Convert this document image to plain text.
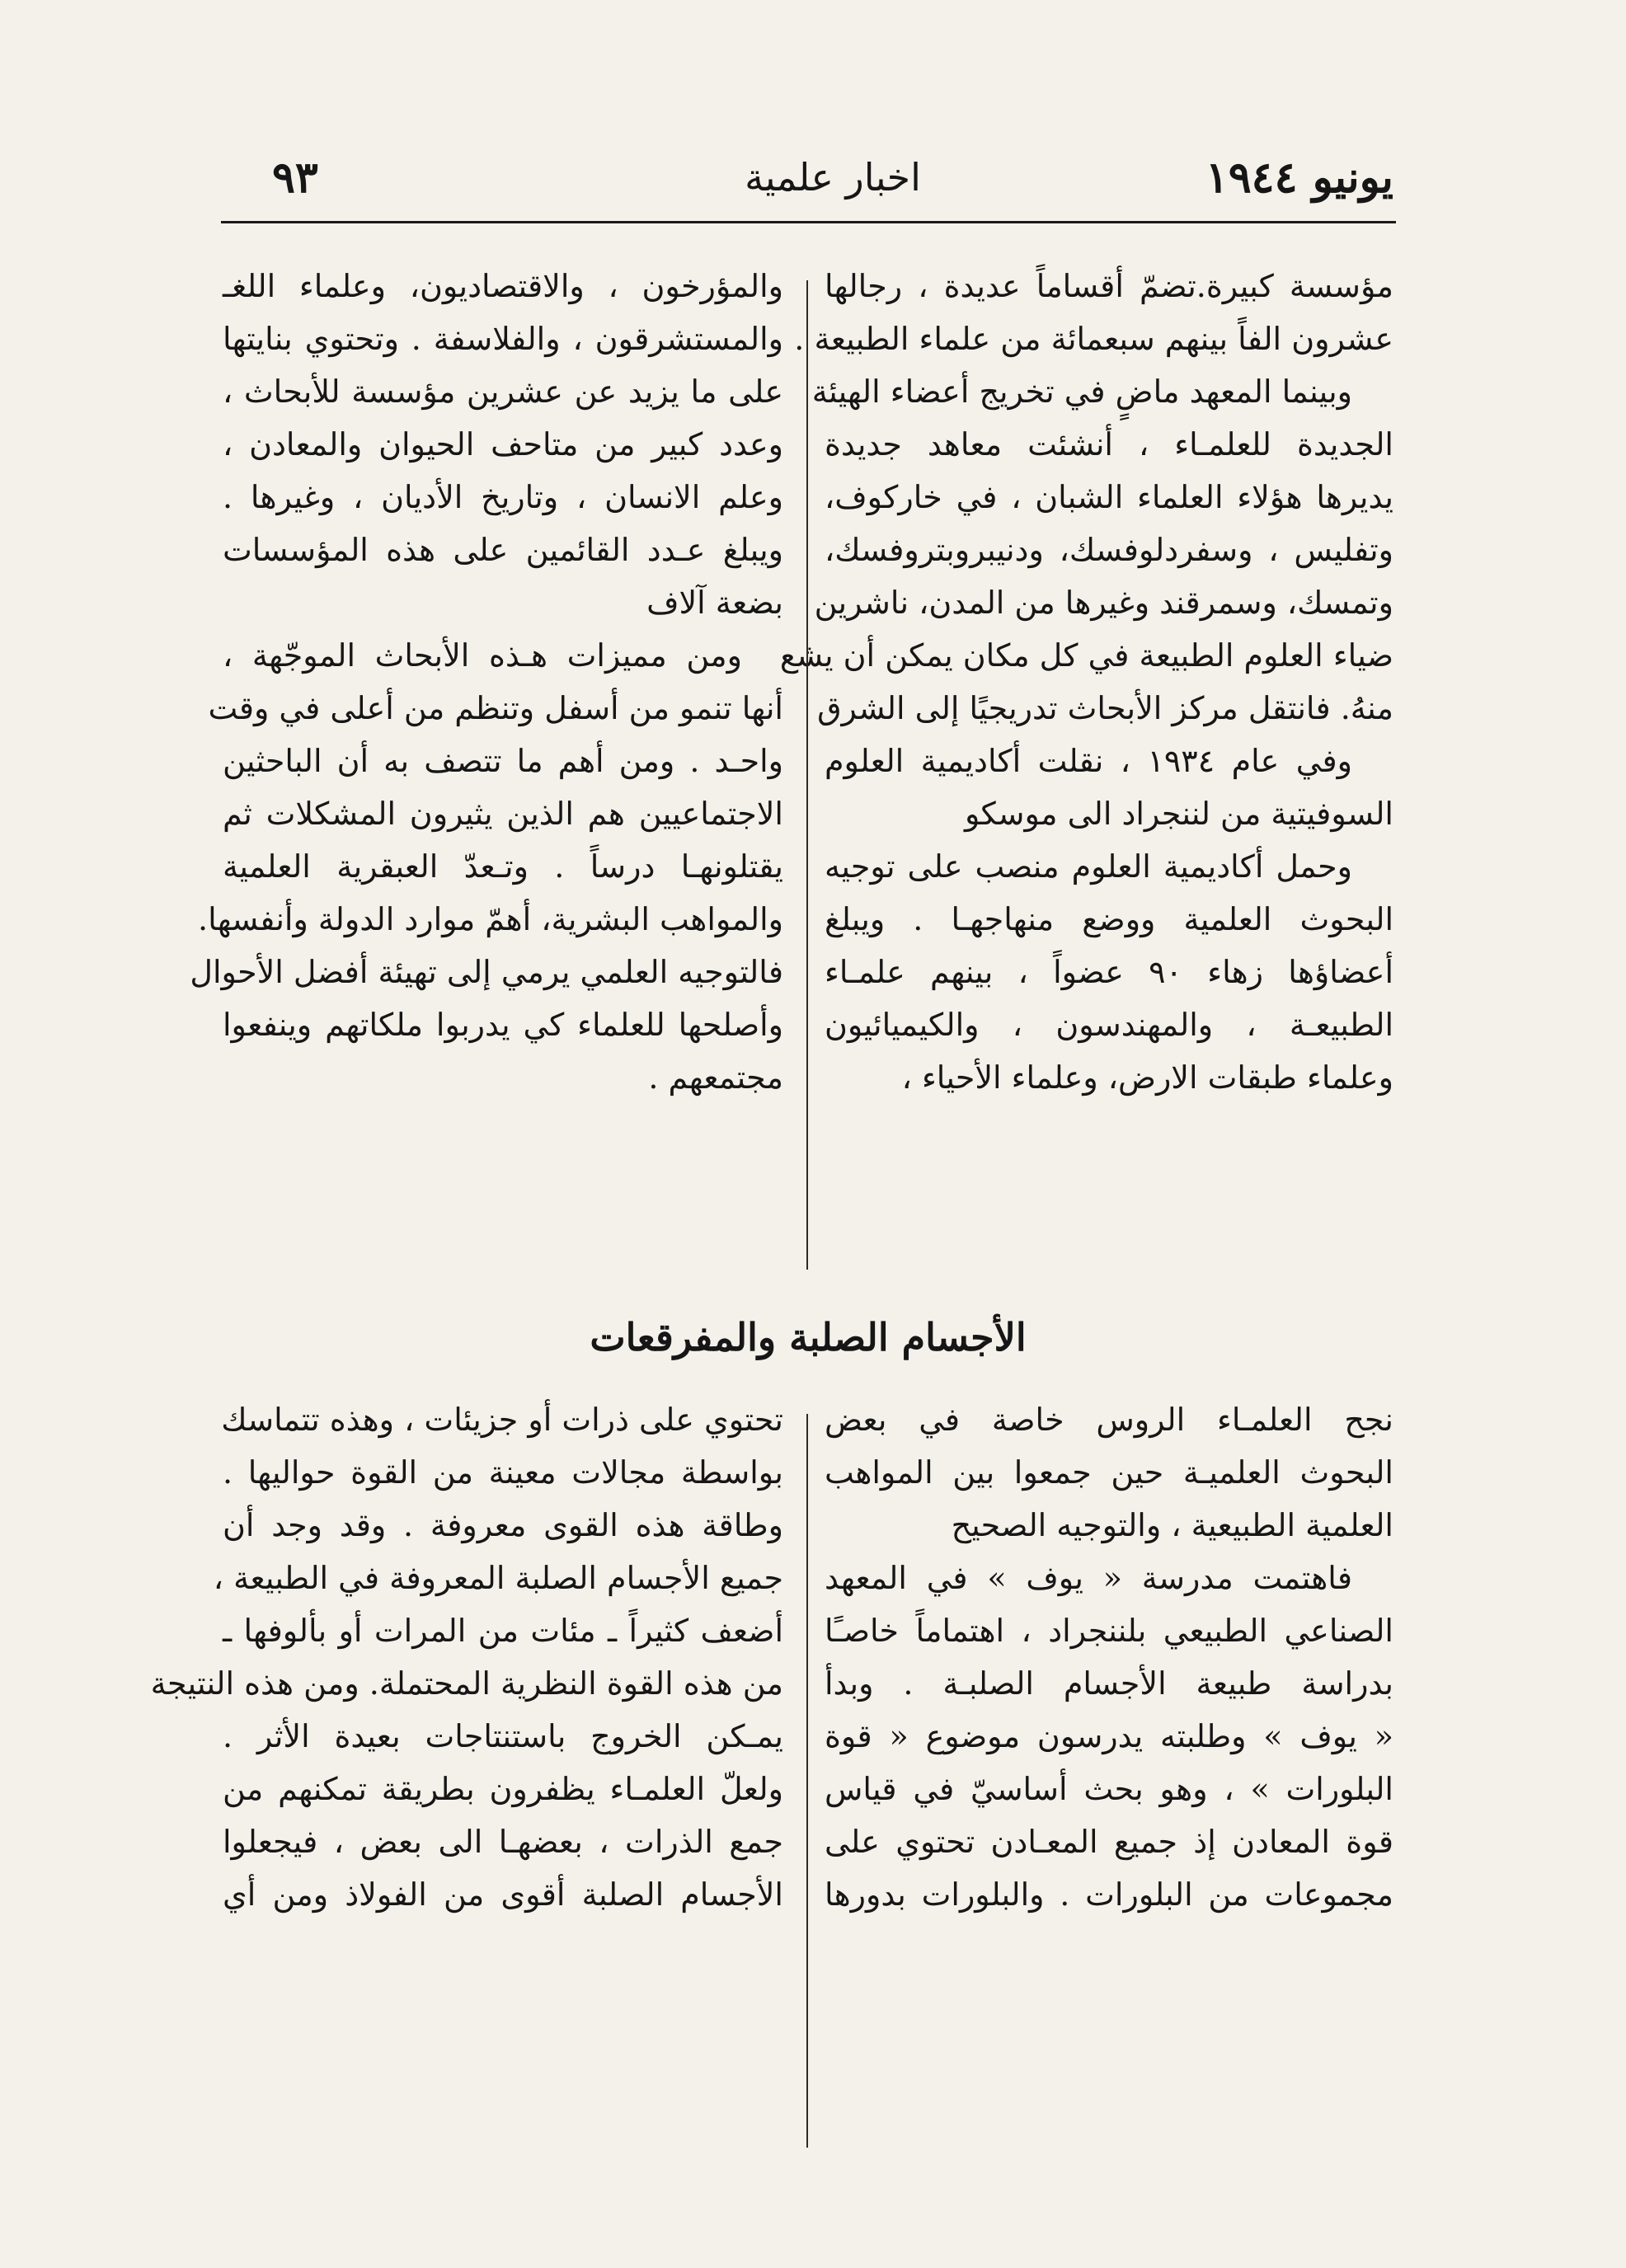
يونيو ١٩٤٤
اخبار علمية
٩٣
مؤسسة كبيرة.تضمّ أقساماً عديدة ، رجالها
عشرون الفاً بينهم سبعمائة من علماء الطبيعة .
وبينما المعهد ماضٍ في تخريج أعضاء الهيئة
الجديدة للعلمـاء ، أنشئت معاهد جديدة
يديرها هؤلاء العلماء الشبان ، في خاركوف،
وتفليس ، وسفردلوفسك، ودنيبروبتروفسك،
وتمسك، وسمرقند وغيرها من المدن، ناشرين
ضياء العلوم الطبيعة في كل مكان يمكن أن يشع
منهُ. فانتقل مركز الأبحاث تدريجيًا إلى الشرق
وفي عام ١٩٣٤ ، نقلت أكاديمية العلوم
السوفيتية من لننجراد الى موسكو
وحمل أكاديمية العلوم منصب على توجيه
البحوث العلمية ووضع منهاجهـا . ويبلغ
أعضاؤها زهاء ٩٠ عضواً ، بينهم علمـاء
الطبيعـة ، والمهندسون ، والكيميائيون
وعلماء طبقات الارض، وعلماء الأحياء ،
والمؤرخون ، والاقتصاديون، وعلماء اللغـ
والمستشرقون ، والفلاسفة . وتحتوي بنايتها
على ما يزيد عن عشرين مؤسسة للأبحاث ،
وعدد كبير من متاحف الحيوان والمعادن ،
وعلم الانسان ، وتاريخ الأديان ، وغيرها .
ويبلغ عـدد القائمين على هذه المؤسسات
بضعة آلاف
ومن مميزات هـذه الأبحاث الموجّهة ،
أنها تنمو من أسفل وتنظم من أعلى في وقت
واحـد . ومن أهم ما تتصف به أن الباحثين
الاجتماعيين هم الذين يثيرون المشكلات ثم
يقتلونهـا درساً . وتـعدّ العبقرية العلمية
والمواهب البشرية، أهمّ موارد الدولة وأنفسها.
فالتوجيه العلمي يرمي إلى تهيئة أفضل الأحوال
وأصلحها للعلماء كي يدربوا ملكاتهم وينفعوا
مجتمعهم .
الأجسام الصلبة والمفرقعات
نجح العلمـاء الروس خاصة في بعض
البحوث العلميـة حين جمعوا بين المواهب
العلمية الطبيعية ، والتوجيه الصحيح
فاهتمت مدرسة « يوف » في المعهد
الصناعي الطبيعي بلننجراد ، اهتماماً خاصـًا
بدراسة طبيعة الأجسام الصلبـة . وبدأ
« يوف » وطلبته يدرسون موضوع « قوة
البلورات » ، وهو بحث أساسيّ في قياس
قوة المعادن إذ جميع المعـادن تحتوي على
مجموعات من البلورات . والبلورات بدورها
تحتوي على ذرات أو جزيئات ، وهذه تتماسك
بواسطة مجالات معينة من القوة حواليها .
وطاقة هذه القوى معروفة . وقد وجد أن
جميع الأجسام الصلبة المعروفة في الطبيعة ،
أضعف كثيراً ـ مئات من المرات أو بألوفها ـ
من هذه القوة النظرية المحتملة. ومن هذه النتيجة
يمـكن الخروج باستنتاجات بعيدة الأثر .
ولعلّ العلمـاء يظفرون بطريقة تمكنهم من
جمع الذرات ، بعضهـا الى بعض ، فيجعلوا
الأجسام الصلبة أقوى من الفولاذ ومن أي
